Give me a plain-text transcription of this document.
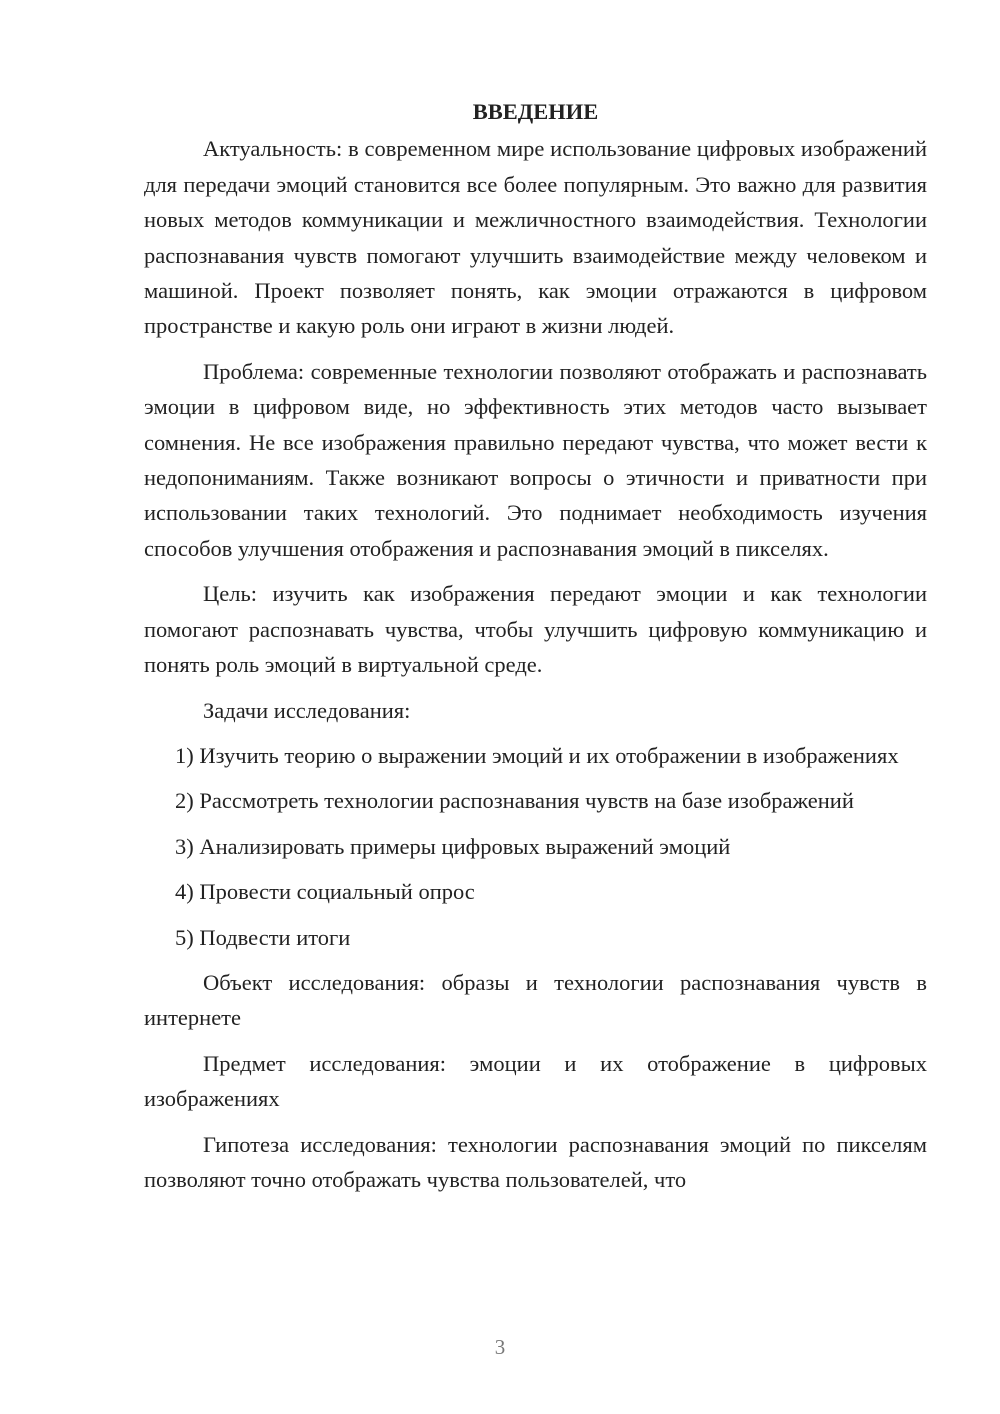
ВВЕДЕНИЕ

Актуальность: в современном мире использование цифровых изображений для передачи эмоций становится все более популярным. Это важно для развития новых методов коммуникации и межличностного взаимодействия. Технологии распознавания чувств помогают улучшить взаимодействие между человеком и машиной. Проект позволяет понять, как эмоции отражаются в цифровом пространстве и какую роль они играют в жизни людей.

Проблема: современные технологии позволяют отображать и распознавать эмоции в цифровом виде, но эффективность этих методов часто вызывает сомнения. Не все изображения правильно передают чувства, что может вести к недопониманиям. Также возникают вопросы о этичности и приватности при использовании таких технологий. Это поднимает необходимость изучения способов улучшения отображения и распознавания эмоций в пикселях.

Цель: изучить как изображения передают эмоции и как технологии помогают распознавать чувства, чтобы улучшить цифровую коммуникацию и понять роль эмоций в виртуальной среде.

Задачи исследования:

1) Изучить теорию о выражении эмоций и их отображении в изображениях

2) Рассмотреть технологии распознавания чувств на базе изображений

3) Анализировать примеры цифровых выражений эмоций

4) Провести социальный опрос

5) Подвести итоги

Объект исследования: образы и технологии распознавания чувств в интернете

Предмет исследования: эмоции и их отображение в цифровых изображениях

Гипотеза исследования: технологии распознавания эмоций по пикселям позволяют точно отображать чувства пользователей, что

3
